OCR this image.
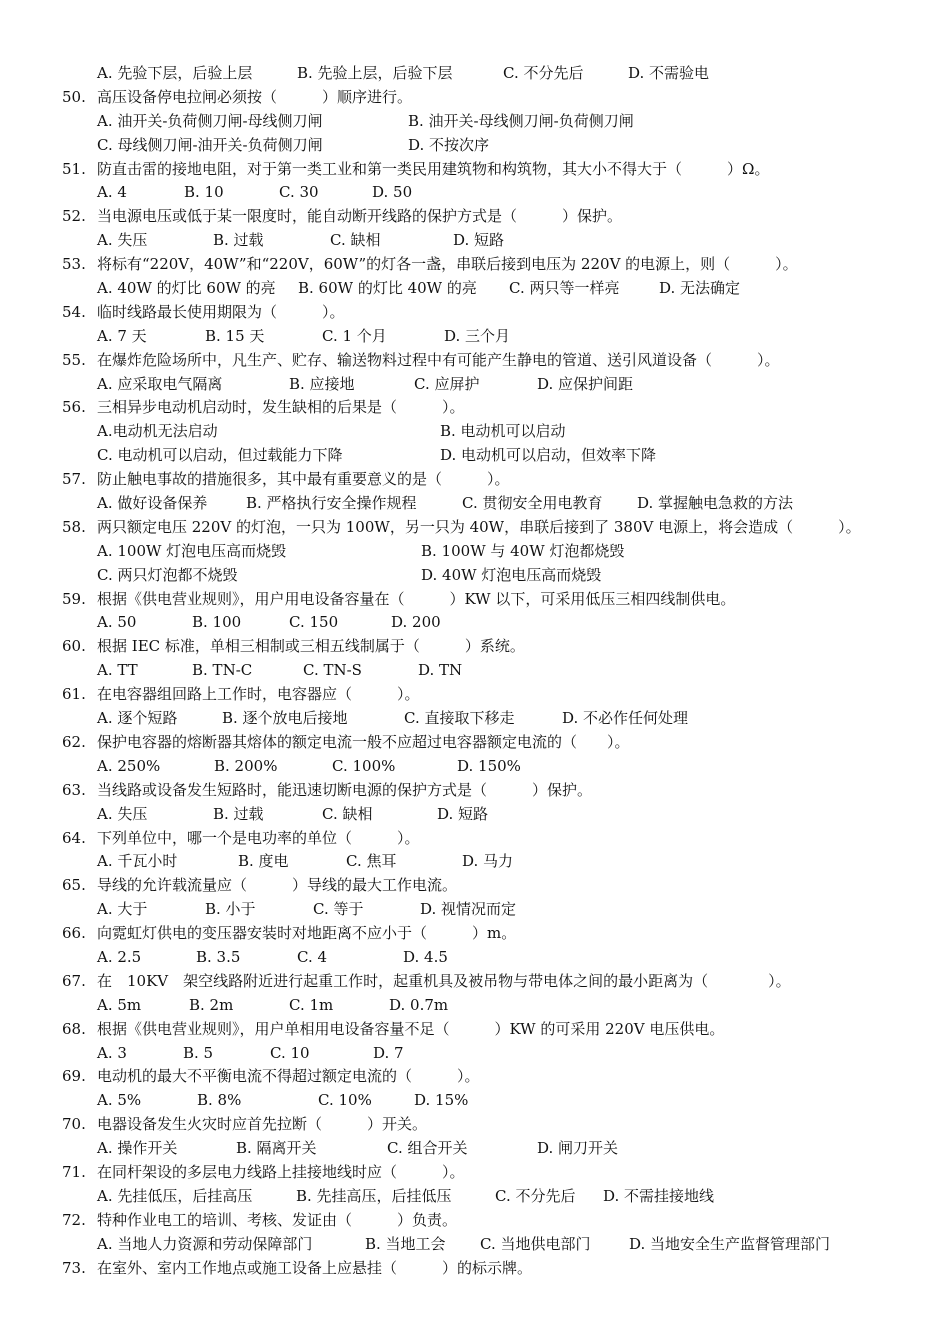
A. 先验下层，后验上层	B. 先验上层，后验下层	C. 不分先后	D. 不需验电
50. 高压设备停电拉闸必须按（　　　）顺序进行。
A. 油开关-负荷侧刀闸-母线侧刀闸	B. 油开关-母线侧刀闸-负荷侧刀闸
C. 母线侧刀闸-油开关-负荷侧刀闸	D. 不按次序
51. 防直击雷的接地电阻，对于第一类工业和第一类民用建筑物和构筑物，其大小不得大于（　　　）Ω。
A. 4	B. 10	C. 30	D. 50
52. 当电源电压或低于某一限度时，能自动断开线路的保护方式是（　　　）保护。
A. 失压	B. 过载	C. 缺相	D. 短路
53. 将标有“220V，40W”和“220V，60W”的灯各一盏，串联后接到电压为 220V 的电源上，则（　　　）。
A. 40W 的灯比 60W 的亮 B. 60W 的灯比 40W 的亮 C. 两只等一样亮	D. 无法确定
54. 临时线路最长使用期限为（　　　）。
A. 7 天	B. 15 天	C. 1 个月	D. 三个月
55. 在爆炸危险场所中，凡生产、贮存、输送物料过程中有可能产生静电的管道、送引风道设备（　　　）。
A. 应采取电气隔离	B. 应接地	C. 应屏护	D. 应保护间距
56. 三相异步电动机启动时，发生缺相的后果是（　　　）。
A.电动机无法启动	B. 电动机可以启动
C. 电动机可以启动，但过载能力下降	D. 电动机可以启动，但效率下降
57. 防止触电事故的措施很多，其中最有重要意义的是（　　　）。
A. 做好设备保养	B. 严格执行安全操作规程	C. 贯彻安全用电教育 D. 掌握触电急救的方法
58. 两只额定电压 220V 的灯泡，一只为 100W，另一只为 40W，串联后接到了 380V 电源上，将会造成（　　　）。
A. 100W 灯泡电压高而烧毁	B. 100W 与 40W 灯泡都烧毁
C. 两只灯泡都不烧毁	D. 40W 灯泡电压高而烧毁
59. 根据《供电营业规则》，用户用电设备容量在（　　　）KW 以下，可采用低压三相四线制供电。
A. 50	B. 100	C. 150	D. 200
60. 根据 IEC 标准，单相三相制或三相五线制属于（　　　）系统。
A. TT	B. TN-C	C. TN-S	D. TN
61. 在电容器组回路上工作时，电容器应（　　　）。
A. 逐个短路	B. 逐个放电后接地	C. 直接取下移走	D. 不必作任何处理
62. 保护电容器的熔断器其熔体的额定电流一般不应超过电容器额定电流的（　　）。
A. 250%	B. 200%	C. 100%	D. 150%
63. 当线路或设备发生短路时，能迅速切断电源的保护方式是（　　　）保护。
A. 失压	B. 过载	C. 缺相	D. 短路
64. 下列单位中，哪一个是电功率的单位（　　　）。
A. 千瓦小时	B. 度电	C. 焦耳	D. 马力
65. 导线的允许载流量应（　　　）导线的最大工作电流。
A. 大于	B. 小于	C. 等于	D. 视情况而定
66. 向霓虹灯供电的变压器安装时对地距离不应小于（　　　）m。
A. 2.5	B. 3.5	C. 4	D. 4.5
67. 在　10KV　架空线路附近进行起重工作时，起重机具及被吊物与带电体之间的最小距离为（　　　　）。
A. 5m	B. 2m	C. 1m	D. 0.7m
68. 根据《供电营业规则》，用户单相用电设备容量不足（　　　）KW 的可采用 220V 电压供电。
A. 3	B. 5	C. 10	D. 7
69. 电动机的最大不平衡电流不得超过额定电流的（　　　）。
A. 5%	B. 8%	C. 10%	D. 15%
70. 电器设备发生火灾时应首先拉断（　　　）开关。
A. 操作开关	B. 隔离开关	C. 组合开关	D. 闸刀开关
71. 在同杆架设的多层电力线路上挂接地线时应（　　　）。
A. 先挂低压，后挂高压	B. 先挂高压，后挂低压	C. 不分先后 D. 不需挂接地线
72. 特种作业电工的培训、考核、发证由（　　　）负责。
A. 当地人力资源和劳动保障部门	B. 当地工会 C. 当地供电部门	D. 当地安全生产监督管理部门
73. 在室外、室内工作地点或施工设备上应悬挂（　　　）的标示牌。
